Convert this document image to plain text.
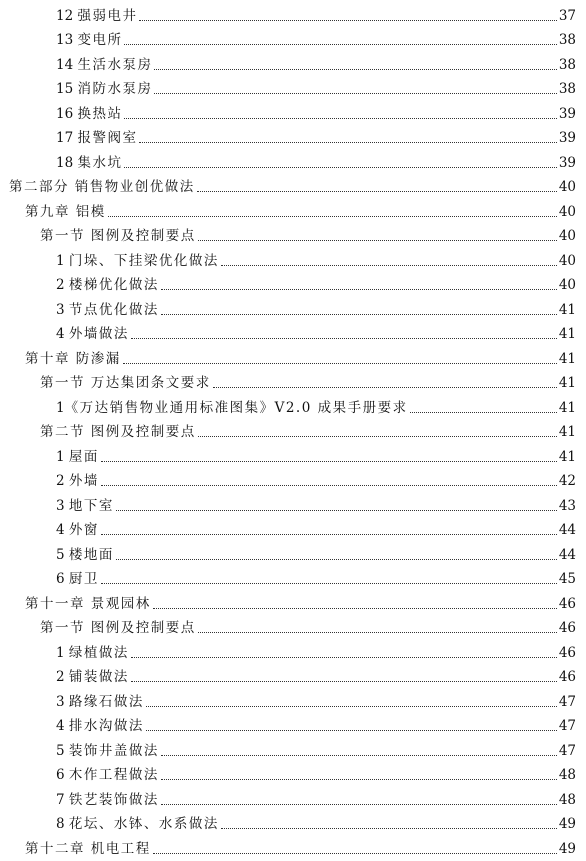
12 强弱电井	37
13 变电所	38
14 生活水泵房	38
15 消防水泵房	38
16 换热站	39
17 报警阀室	39
18 集水坑	39
第二部分 销售物业创优做法	40
第九章 铝模	40
第一节 图例及控制要点	40
1 门垛、下挂梁优化做法	40
2 楼梯优化做法	40
3 节点优化做法	41
4 外墙做法	41
第十章 防渗漏	41
第一节 万达集团条文要求	41
1 《万达销售物业通用标准图集》V2.0 成果手册要求	41
第二节 图例及控制要点	41
1 屋面	41
2 外墙	42
3 地下室	43
4 外窗	44
5 楼地面	44
6 厨卫	45
第十一章 景观园林	46
第一节 图例及控制要点	46
1 绿植做法	46
2 铺装做法	46
3 路缘石做法	47
4 排水沟做法	47
5 装饰井盖做法	47
6 木作工程做法	48
7 铁艺装饰做法	48
8 花坛、水钵、水系做法	49
第十二章 机电工程	49
